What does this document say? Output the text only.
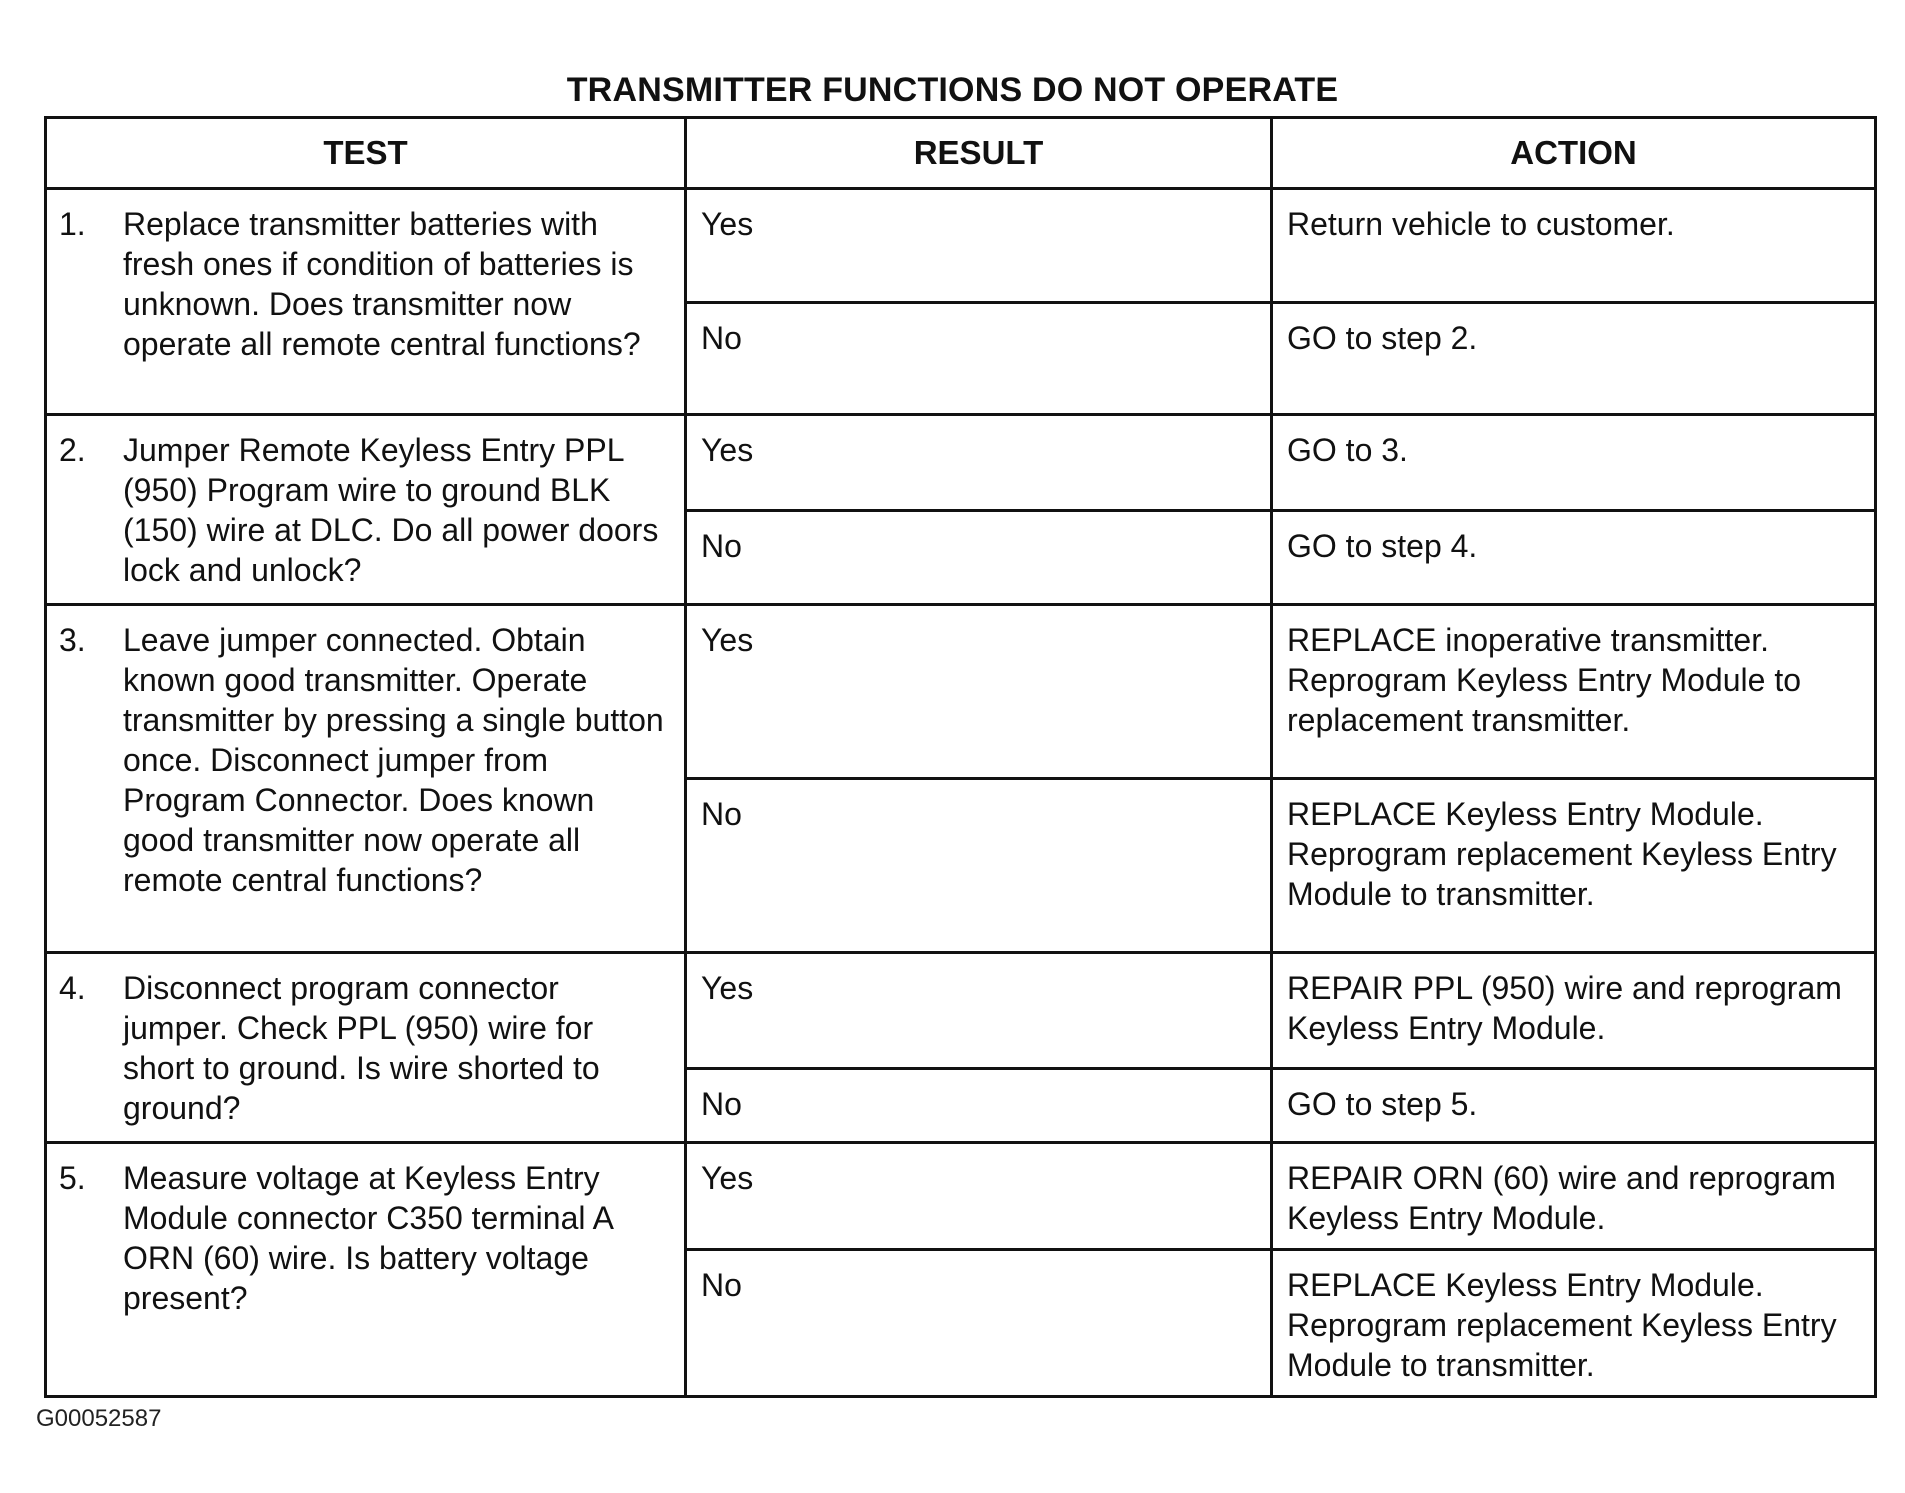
TRANSMITTER FUNCTIONS DO NOT OPERATE
TEST	RESULT	ACTION

1. Replace transmitter batteries with fresh ones if condition of batteries is unknown. Does transmitter now operate all remote central functions?	Yes	Return vehicle to customer.

	No	GO to step 2.

2. Jumper Remote Keyless Entry PPL (950) Program wire to ground BLK (150) wire at DLC. Do all power doors lock and unlock?	Yes	GO to 3.

	No	GO to step 4.

3. Leave jumper connected. Obtain known good transmitter. Operate transmitter by pressing a single button once. Disconnect jumper from Program Connector. Does known good transmitter now operate all remote central functions?	Yes	REPLACE inoperative transmitter. Reprogram Keyless Entry Module to replacement transmitter.

	No	REPLACE Keyless Entry Module. Reprogram replacement Keyless Entry Module to transmitter.

4. Disconnect program connector jumper. Check PPL (950) wire for short to ground. Is wire shorted to ground?	Yes	REPAIR PPL (950) wire and reprogram Keyless Entry Module.

	No	GO to step 5.

5. Measure voltage at Keyless Entry Module connector C350 terminal A ORN (60) wire. Is battery voltage present?	Yes	REPAIR ORN (60) wire and reprogram Keyless Entry Module.

	No	REPLACE Keyless Entry Module. Reprogram replacement Keyless Entry Module to transmitter.
G00052587
